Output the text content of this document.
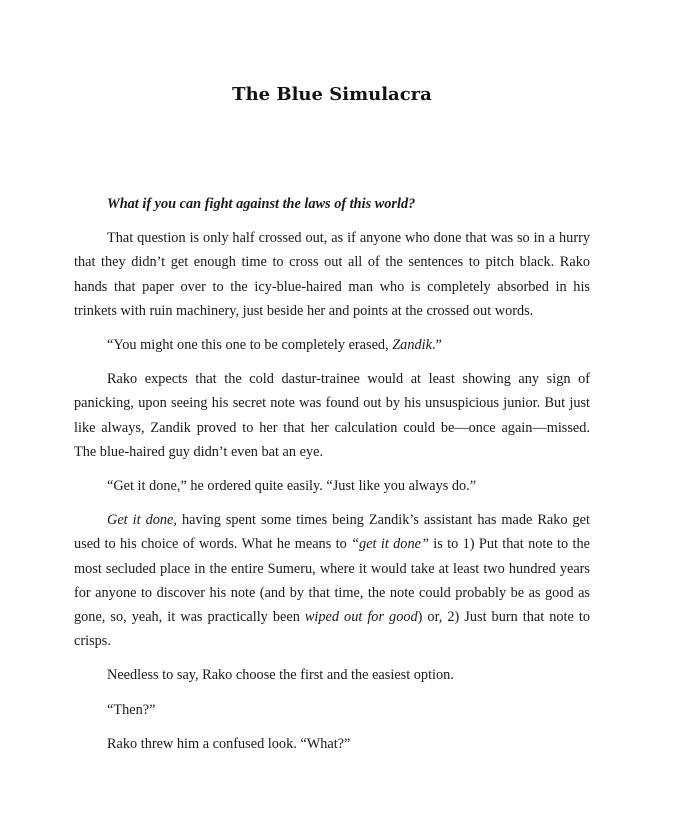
The Blue Simulacra

What if you can fight against the laws of this world?

That question is only half crossed out, as if anyone who done that was so in a hurry that they didn’t get enough time to cross out all of the sentences to pitch black. Rako hands that paper over to the icy-blue-haired man who is completely absorbed in his trinkets with ruin machinery, just beside her and points at the crossed out words.

“You might one this one to be completely erased, Zandik.”

Rako expects that the cold dastur-trainee would at least showing any sign of panicking, upon seeing his secret note was found out by his unsuspicious junior. But just like always, Zandik proved to her that her calculation could be—once again—missed. The blue-haired guy didn’t even bat an eye.

“Get it done,” he ordered quite easily. “Just like you always do.”

Get it done, having spent some times being Zandik’s assistant has made Rako get used to his choice of words. What he means to “get it done” is to 1) Put that note to the most secluded place in the entire Sumeru, where it would take at least two hundred years for anyone to discover his note (and by that time, the note could probably be as good as gone, so, yeah, it was practically been wiped out for good) or, 2) Just burn that note to crisps.

Needless to say, Rako choose the first and the easiest option.

“Then?”

Rako threw him a confused look. “What?”
